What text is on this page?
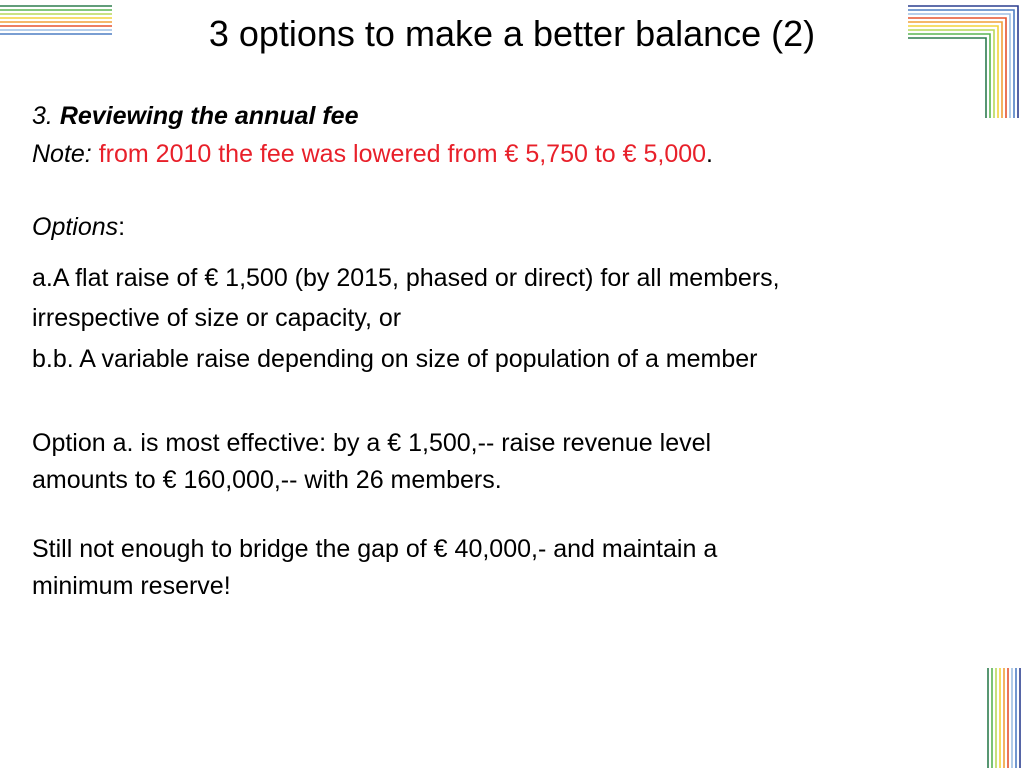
3 options to make a better balance (2)
3. Reviewing the annual fee
Note: from 2010 the fee was lowered from € 5,750 to € 5,000.
Options:
a.A flat raise of € 1,500 (by 2015, phased or direct) for all members,
irrespective of size or capacity, or
b.b. A variable raise depending on size of population of a member
Option a. is most effective: by a € 1,500,-- raise revenue level
amounts to € 160,000,-- with 26 members.
Still not enough to bridge the gap of € 40,000,- and maintain a
minimum reserve!
